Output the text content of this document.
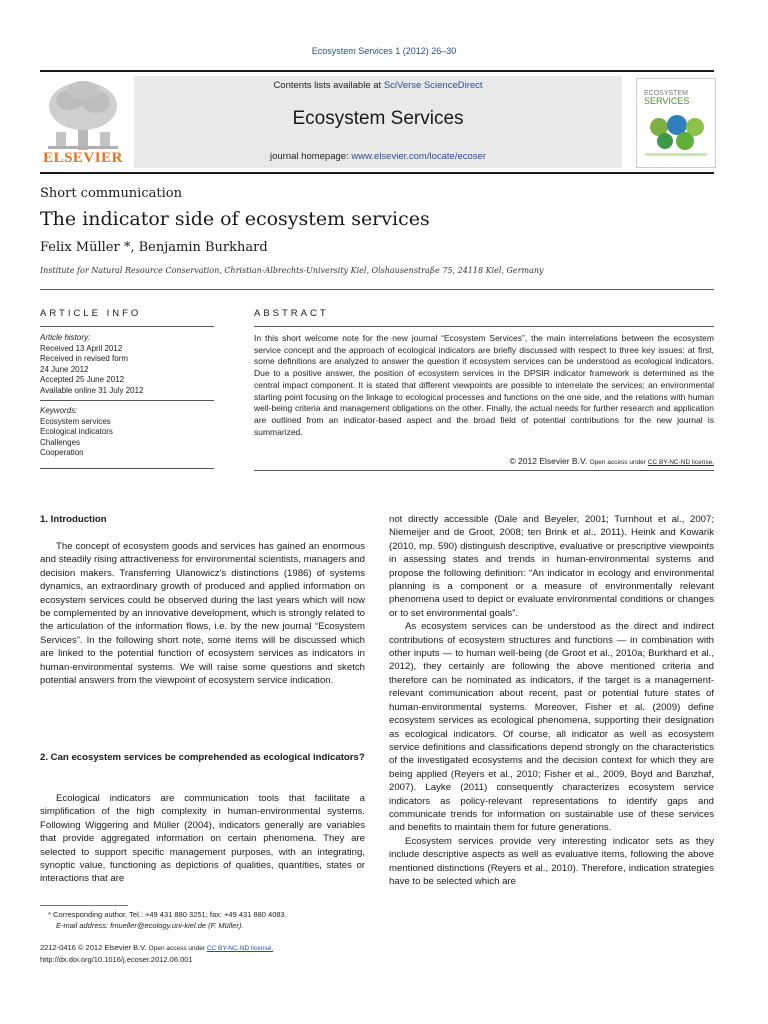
Ecosystem Services 1 (2012) 26–30
ELSEVIER
Contents lists available at SciVerse ScienceDirect
Ecosystem Services
journal homepage: www.elsevier.com/locate/ecoser
ECOSYSTEM
SERVICES
Short communication
The indicator side of ecosystem services
Felix Müller *, Benjamin Burkhard
Institute for Natural Resource Conservation, Christian-Albrechts-University Kiel, Olshausenstraße 75, 24118 Kiel, Germany
ARTICLE INFO
Article history:
Received 13 April 2012
Received in revised form
24 June 2012
Accepted 25 June 2012
Available online 31 July 2012
Keywords:
Ecosystem services
Ecological indicators
Challenges
Cooperation
ABSTRACT
In this short welcome note for the new journal “Ecosystem Services”, the main interrelations between the ecosystem service concept and the approach of ecological indicators are briefly discussed with respect to three key issues: at first, some definitions are analyzed to answer the question if ecosystem services can be understood as ecological indicators. Due to a positive answer, the position of ecosystem services in the DPSIR indicator framework is determined as the central impact component. It is stated that different viewpoints are possible to interrelate the services; an environmental starting point focusing on the linkage to ecological processes and functions on the one side, and the relations with human well-being criteria and management obligations on the other. Finally, the actual needs for further research and application are outlined from an indicator-based aspect and the broad field of potential contributions for the new journal is summarized.
© 2012 Elsevier B.V. Open access under CC BY-NC-ND license.
1. Introduction

The concept of ecosystem goods and services has gained an enormous and steadily rising attractiveness for environmental scientists, managers and decision makers. Transferring Ulanowicz's distinctions (1986) of systems dynamics, an extraordinary growth of produced and applied information on ecosystem services could be observed during the last years which will now be complemented by an innovative development, which is strongly related to the articulation of the information flows, i.e. by the new journal “Ecosystem Services”. In the following short note, some items will be discussed which are linked to the potential function of ecosystem services as indicators in human-environmental systems. We will raise some questions and sketch potential answers from the viewpoint of ecosystem service indication.

2. Can ecosystem services be comprehended as ecological indicators?

Ecological indicators are communication tools that facilitate a simplification of the high complexity in human-environmental systems. Following Wiggering and Müller (2004), indicators generally are variables that provide aggregated information on certain phenomena. They are selected to support specific management purposes, with an integrating, synoptic value, functioning as depictions of qualities, quantities, states or interactions that are

not directly accessible (Dale and Beyeler, 2001; Turnhout et al., 2007; Niemeijer and de Groot, 2008; ten Brink et al., 2011). Heink and Kowarik (2010, mp. 590) distinguish descriptive, evaluative or prescriptive viewpoints in assessing states and trends in human-environmental systems and propose the following definition: “An indicator in ecology and environmental planning is a component or a measure of environmentally relevant phenomena used to depict or evaluate environmental conditions or changes or to set environmental goals”.

As ecosystem services can be understood as the direct and indirect contributions of ecosystem structures and functions — in combination with other inputs — to human well-being (de Groot et al., 2010a; Burkhard et al., 2012), they certainly are following the above mentioned criteria and therefore can be nominated as indicators, if the target is a management-relevant communication about recent, past or potential future states of human-environmental systems. Moreover, Fisher et al. (2009) define ecosystem services as ecological phenomena, supporting their designation as ecological indicators. Of course, all indicator as well as ecosystem service definitions and classifications depend strongly on the characteristics of the investigated ecosystems and the decision context for which they are being applied (Reyers et al., 2010; Fisher et al., 2009, Boyd and Banzhaf, 2007). Layke (2011) consequently characterizes ecosystem service indicators as policy-relevant representations to identify gaps and communicate trends for information on sustainable use of these services and benefits to maintain them for future generations.

Ecosystem services provide very interesting indicator sets as they include descriptive aspects as well as evaluative items, following the above mentioned distinctions (Reyers et al., 2010). Therefore, indication strategies have to be selected which are

* Corresponding author. Tel.: +49 431 880 3251; fax: +49 431 880 4083.
E-mail address: fmueller@ecology.uni-kiel.de (F. Müller).
2212-0416 © 2012 Elsevier B.V. Open access under CC BY-NC-ND license.
http://dx.doi.org/10.1016/j.ecoser.2012.06.001
